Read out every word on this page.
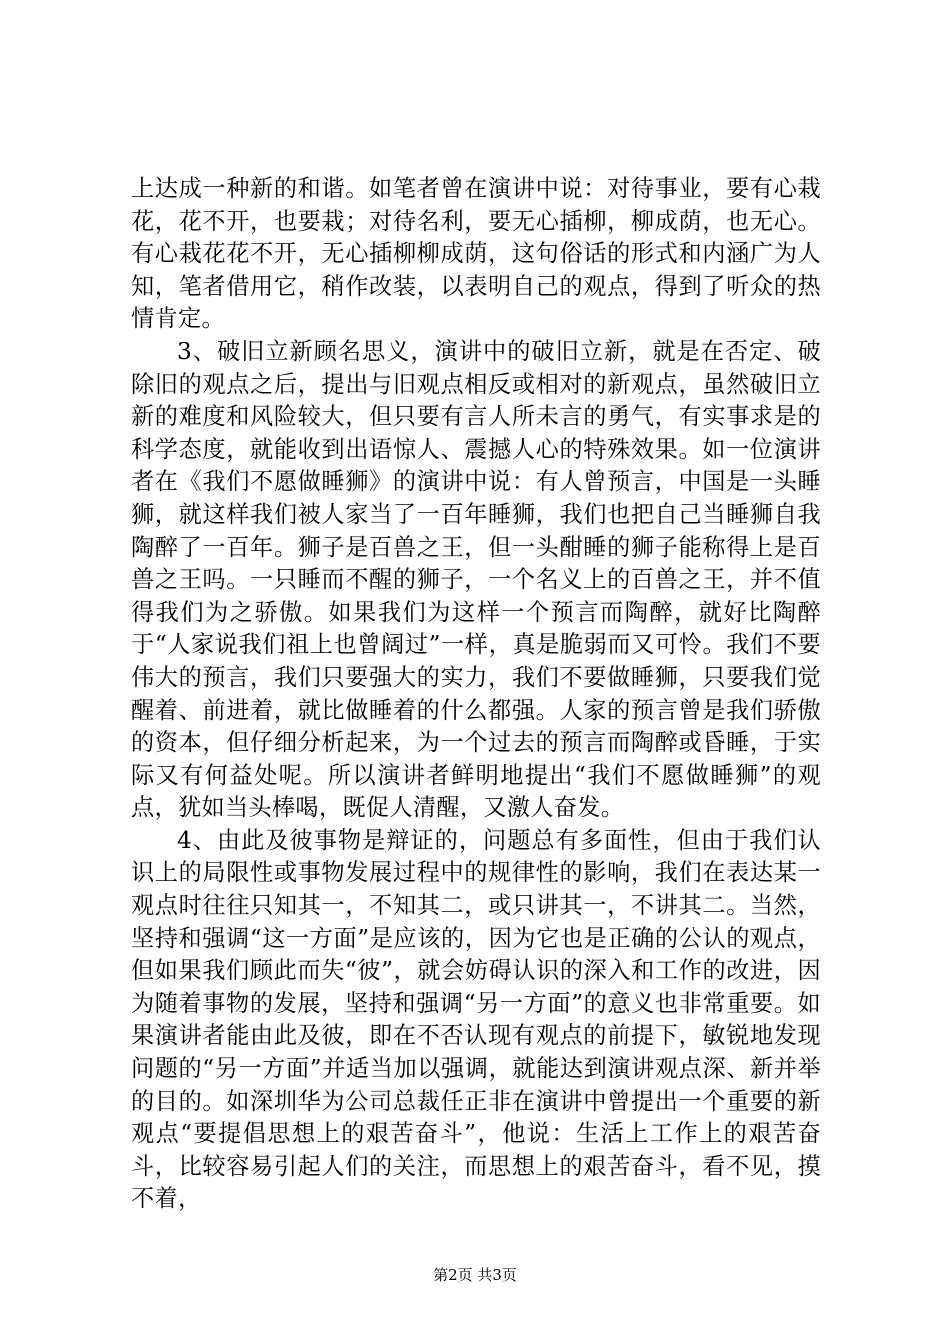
上达成一种新的和谐。如笔者曾在演讲中说：对待事业，要有心栽花，花不开，也要栽；对待名利，要无心插柳，柳成荫，也无心。有心栽花花不开，无心插柳柳成荫，这句俗话的形式和内涵广为人知，笔者借用它，稍作改装，以表明自己的观点，得到了听众的热情肯定。

3、破旧立新顾名思义，演讲中的破旧立新，就是在否定、破除旧的观点之后，提出与旧观点相反或相对的新观点，虽然破旧立新的难度和风险较大，但只要有言人所未言的勇气，有实事求是的科学态度，就能收到出语惊人、震撼人心的特殊效果。如一位演讲者在《我们不愿做睡狮》的演讲中说：有人曾预言，中国是一头睡狮，就这样我们被人家当了一百年睡狮，我们也把自己当睡狮自我陶醉了一百年。狮子是百兽之王，但一头酣睡的狮子能称得上是百兽之王吗。一只睡而不醒的狮子，一个名义上的百兽之王，并不值得我们为之骄傲。如果我们为这样一个预言而陶醉，就好比陶醉于“人家说我们祖上也曾阔过”一样，真是脆弱而又可怜。我们不要伟大的预言，我们只要强大的实力，我们不要做睡狮，只要我们觉醒着、前进着，就比做睡着的什么都强。人家的预言曾是我们骄傲的资本，但仔细分析起来，为一个过去的预言而陶醉或昏睡，于实际又有何益处呢。所以演讲者鲜明地提出“我们不愿做睡狮”的观点，犹如当头棒喝，既促人清醒，又激人奋发。

4、由此及彼事物是辩证的，问题总有多面性，但由于我们认识上的局限性或事物发展过程中的规律性的影响，我们在表达某一观点时往往只知其一，不知其二，或只讲其一，不讲其二。当然，坚持和强调“这一方面”是应该的，因为它也是正确的公认的观点，但如果我们顾此而失“彼”，就会妨碍认识的深入和工作的改进，因为随着事物的发展，坚持和强调“另一方面”的意义也非常重要。如果演讲者能由此及彼，即在不否认现有观点的前提下，敏锐地发现问题的“另一方面”并适当加以强调，就能达到演讲观点深、新并举的目的。如深圳华为公司总裁任正非在演讲中曾提出一个重要的新观点“要提倡思想上的艰苦奋斗”，他说：生活上工作上的艰苦奋斗，比较容易引起人们的关注，而思想上的艰苦奋斗，看不见，摸不着，

第2页 共3页
